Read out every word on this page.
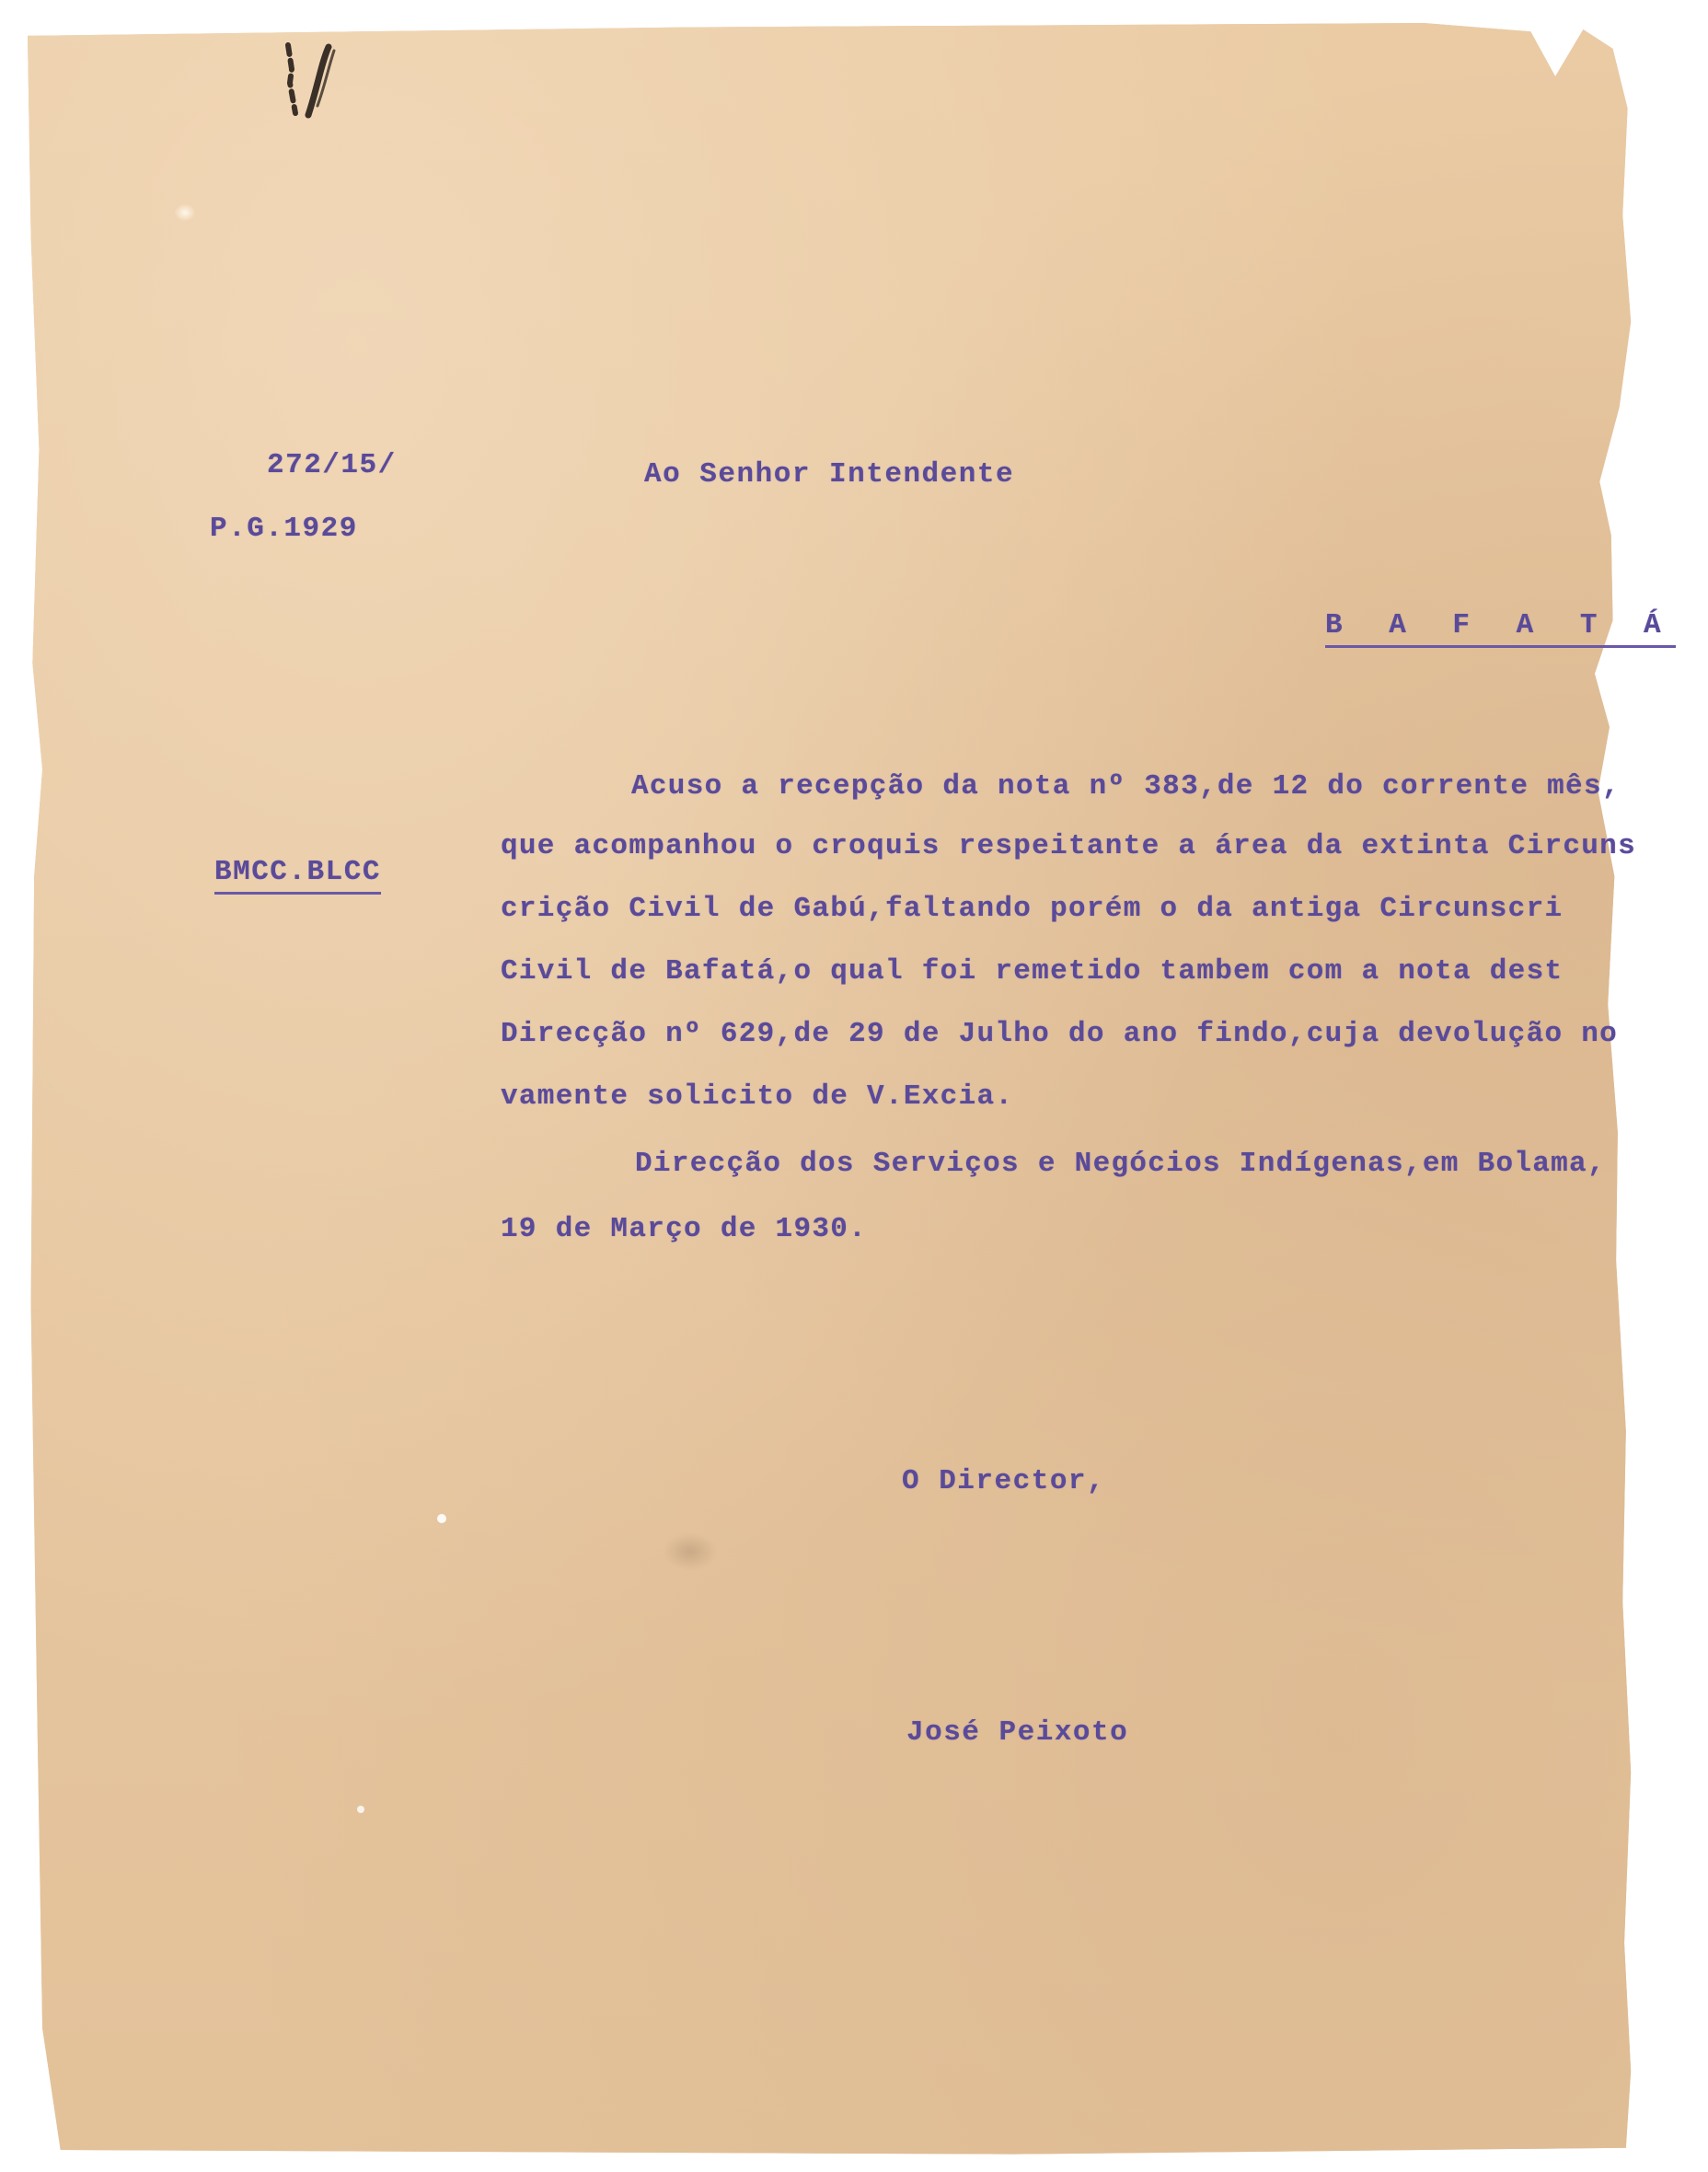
272/15/
P.G.1929
Ao Senhor Intendente
B A F A T Á
BMCC.BLCC
Acuso a recepção da nota nº 383,de 12 do corrente mês,
que acompanhou o croquis respeitante a área da extinta Circuns
crição Civil de Gabú,faltando porém o da antiga Circunscri
Civil de Bafatá,o qual foi remetido tambem com a nota dest
Direcção nº 629,de 29 de Julho do ano findo,cuja devolução no
vamente solicito de V.Excia.
Direcção dos Serviços e Negócios Indígenas,em Bolama,
19 de Março de 1930.
O Director,
José Peixoto
